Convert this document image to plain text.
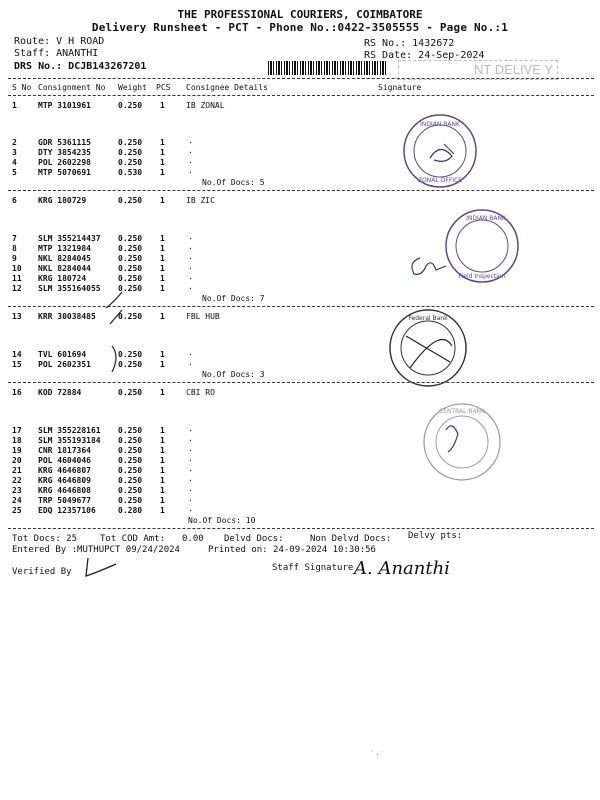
THE PROFESSIONAL COURIERS, COIMBATORE
Delivery Runsheet - PCT - Phone No.:0422-3505555 - Page No.:1
Route: V H ROAD
Staff: ANANTHI
DRS No.: DCJB143267201
RS No.: 1432672
RS Date: 24-Sep-2024
NT DELIVE Y
S No Consignment No Weight PCS Consignee Details	Signature
1	MTP 3101961	0.250 1	IB ZONAL
2	GDR 5361115	0.250 1	.
3	DTY 3854235	0.250 1	.
4	POL 2602298	0.250 1	.
5	MTP 5070691	0.530 1	.
No.Of Docs: 5
6	KRG 180729	0.250 1	IB ZIC
7	SLM 355214437 0.250 1	.
8	MTP 1321984	0.250 1	.
9	NKL 8284045	0.250 1	.
10 NKL 8284044	0.250 1	.
11 KRG 180724	0.250 1	.
12 SLM 355164055 0.250 1	.
No.Of Docs: 7
13 KRR 30038485	0.250 1	FBL HUB
14 TVL 601694	0.250 1	.
15 POL 2602351	0.250 1	.
No.Of Docs: 3
16 KOD 72884	0.250 1	CBI RO
17 SLM 355228161 0.250 1	.
18 SLM 355193184 0.250 1	.
19 CNR 1817364	0.250 1	.
20 POL 4604046	0.250 1	.
21 KRG 4646807	0.250 1	.
22 KRG 4646809	0.250 1	.
23 KRG 4646808	0.250 1	.
24 TRP 5049677	0.250 1	.
25 EDQ 12357106	0.280 1	.
No.Of Docs: 10
Tot Docs: 25	Tot COD Amt: 0.00 Delvd Docs:	Non Delvd Docs: Delvy pts:
Entered By :MUTHUPCT 09/24/2024	Printed on: 24-09-2024 10:30:56
Verified By	Staff Signature
INDIAN BANK
ZONAL OFFICE
INDIAN BANK
Field Inspection
Federal Bank
CENTRAL BANK
A. Ananthi
˙·˙
